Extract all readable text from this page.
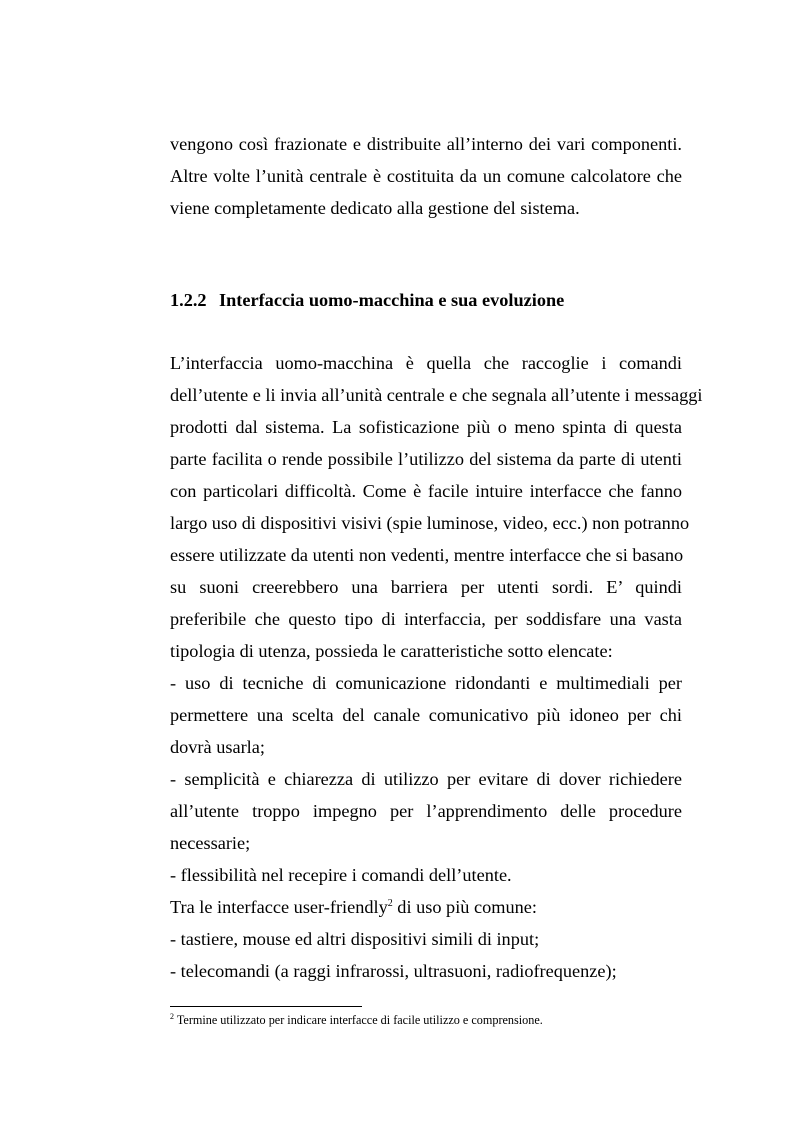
vengono così frazionate e distribuite all’interno dei vari componenti.
Altre volte l’unità centrale è costituita da un comune calcolatore che
viene completamente dedicato alla gestione del sistema.
1.2.2 Interfaccia uomo-macchina e sua evoluzione
L’interfaccia uomo-macchina è quella che raccoglie i comandi
dell’utente e li invia all’unità centrale e che segnala all’utente i messaggi
prodotti dal sistema. La sofisticazione più o meno spinta di questa
parte facilita o rende possibile l’utilizzo del sistema da parte di utenti
con particolari difficoltà. Come è facile intuire interfacce che fanno
largo uso di dispositivi visivi (spie luminose, video, ecc.) non potranno
essere utilizzate da utenti non vedenti, mentre interfacce che si basano
su suoni creerebbero una barriera per utenti sordi. E’ quindi
preferibile che questo tipo di interfaccia, per soddisfare una vasta
tipologia di utenza, possieda le caratteristiche sotto elencate:
- uso di tecniche di comunicazione ridondanti e multimediali per
permettere una scelta del canale comunicativo più idoneo per chi
dovrà usarla;
- semplicità e chiarezza di utilizzo per evitare di dover richiedere
all’utente troppo impegno per l’apprendimento delle procedure
necessarie;
- flessibilità nel recepire i comandi dell’utente.
Tra le interfacce user-friendly$^2$ di uso più comune:
- tastiere, mouse ed altri dispositivi simili di input;
- telecomandi (a raggi infrarossi, ultrasuoni, radiofrequenze);
$^2$ Termine utilizzato per indicare interfacce di facile utilizzo e comprensione.
